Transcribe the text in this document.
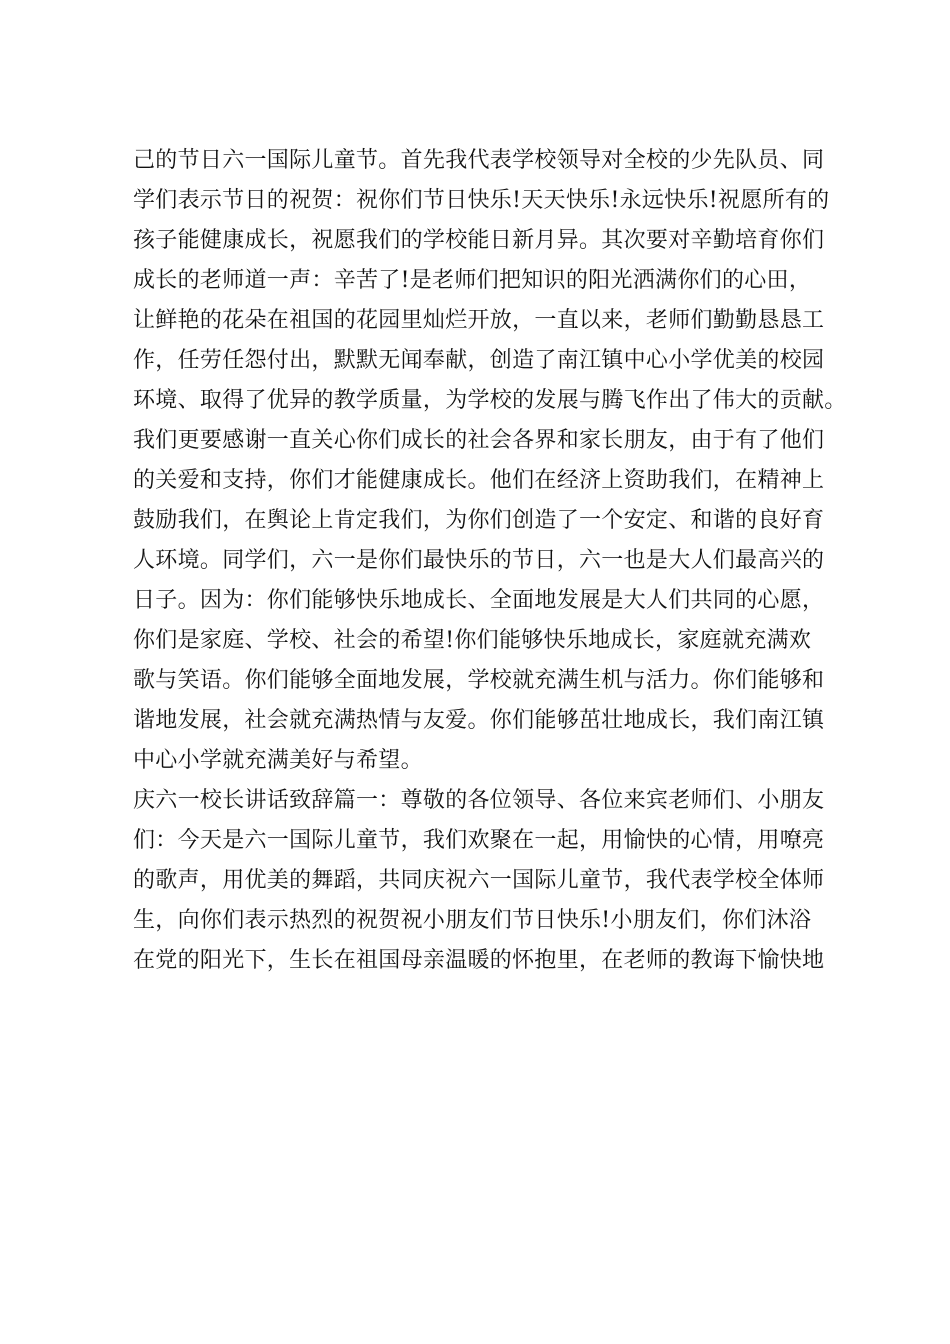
己的节日六一国际儿童节。首先我代表学校领导对全校的少先队员、同
学们表示节日的祝贺：祝你们节日快乐!天天快乐!永远快乐!祝愿所有的
孩子能健康成长，祝愿我们的学校能日新月异。其次要对辛勤培育你们
成长的老师道一声：辛苦了!是老师们把知识的阳光洒满你们的心田，
让鲜艳的花朵在祖国的花园里灿烂开放，一直以来，老师们勤勤恳恳工
作，任劳任怨付出，默默无闻奉献，创造了南江镇中心小学优美的校园
环境、取得了优异的教学质量，为学校的发展与腾飞作出了伟大的贡献。
我们更要感谢一直关心你们成长的社会各界和家长朋友，由于有了他们
的关爱和支持，你们才能健康成长。他们在经济上资助我们，在精神上
鼓励我们，在舆论上肯定我们，为你们创造了一个安定、和谐的良好育
人环境。同学们，六一是你们最快乐的节日，六一也是大人们最高兴的
日子。因为：你们能够快乐地成长、全面地发展是大人们共同的心愿，
你们是家庭、学校、社会的希望!你们能够快乐地成长，家庭就充满欢
歌与笑语。你们能够全面地发展，学校就充满生机与活力。你们能够和
谐地发展，社会就充满热情与友爱。你们能够茁壮地成长，我们南江镇
中心小学就充满美好与希望。
庆六一校长讲话致辞篇一：尊敬的各位领导、各位来宾老师们、小朋友
们：今天是六一国际儿童节，我们欢聚在一起，用愉快的心情，用嘹亮
的歌声，用优美的舞蹈，共同庆祝六一国际儿童节，我代表学校全体师
生，向你们表示热烈的祝贺祝小朋友们节日快乐!小朋友们，你们沐浴
在党的阳光下，生长在祖国母亲温暖的怀抱里，在老师的教诲下愉快地
